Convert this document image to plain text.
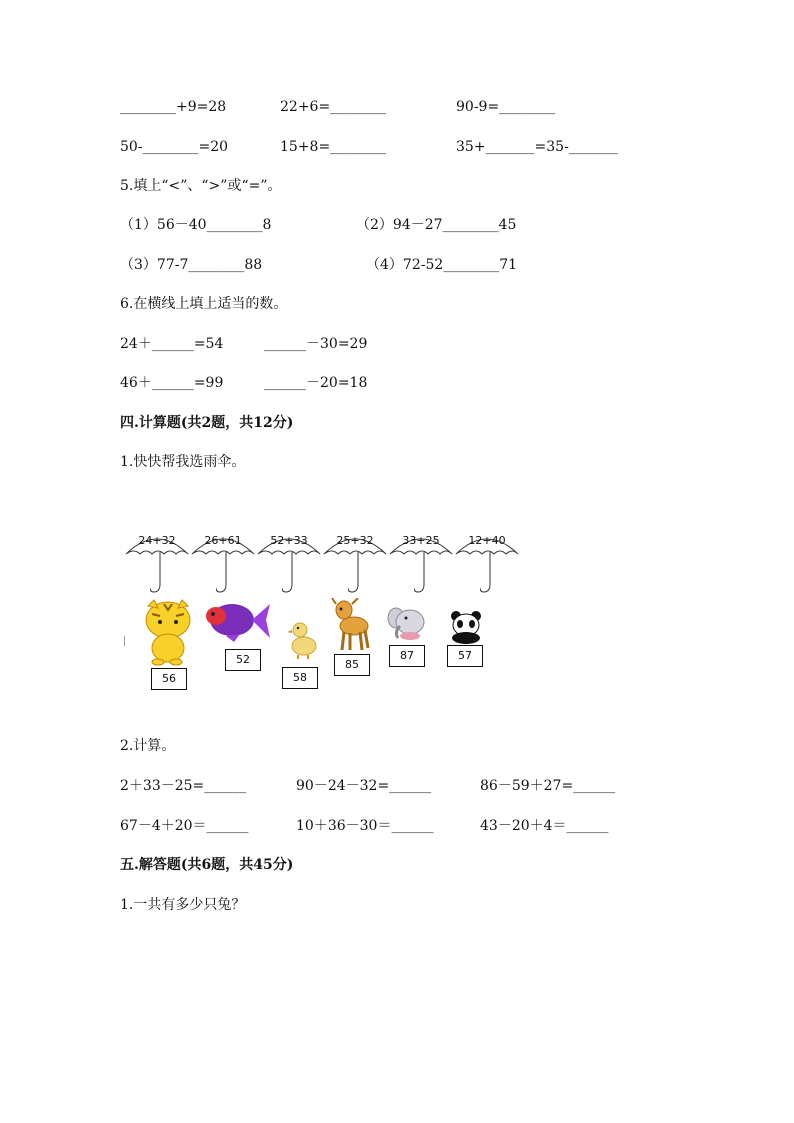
________+9=28	22+6=________	90-9=________
50-________=20	15+8=________	35+_______=35-_______
5.填上“<”、“>”或“=”。
（1）56－40________8	（2）94－27________45
（3）77-7________88	（4）72-52________71
6.在横线上填上适当的数。
24＋______=54	______－30=29
46＋______=99	______－20=18
四.计算题(共2题，共12分)
1.快快帮我选雨伞。
24+32	26+61	52+33	25+32	33+25	12+40
56
52
58
85
87	57
2.计算。
2＋33－25=______	90－24－32=______	86－59＋27=______
67－4＋20＝______	10＋36－30＝______	43－20＋4＝______
五.解答题(共6题，共45分)
1.一共有多少只兔？
